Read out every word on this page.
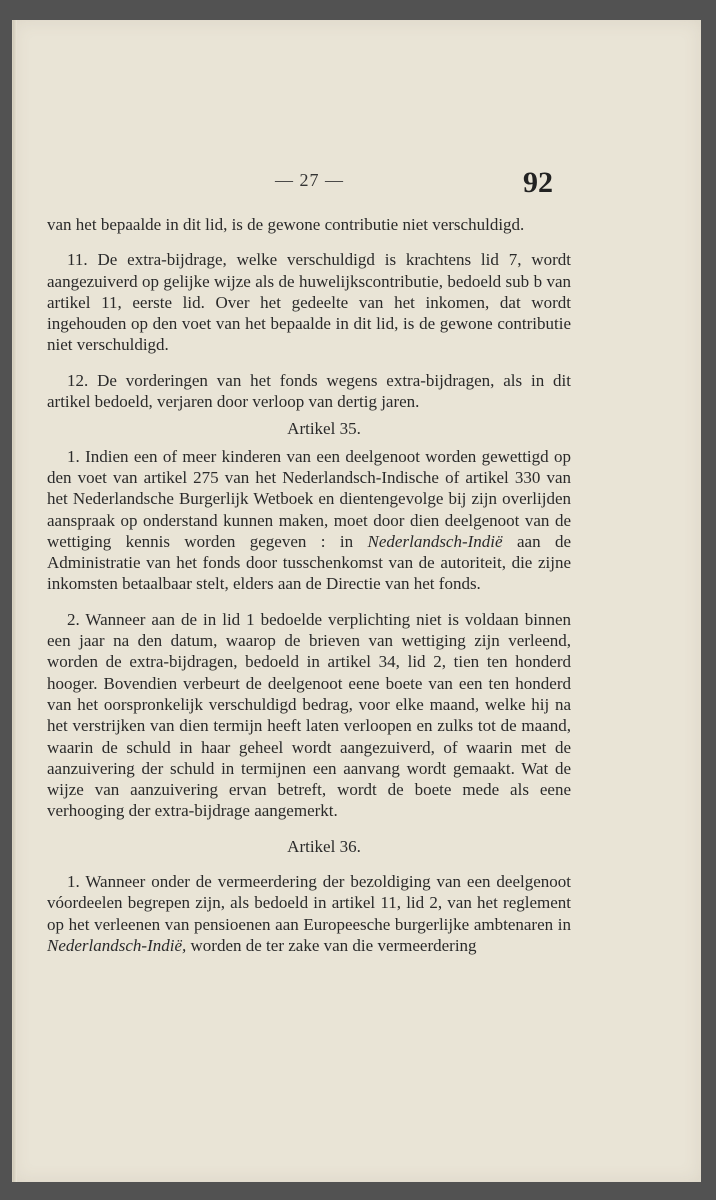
— 27 —	92

van het bepaalde in dit lid, is de gewone contributie niet verschuldigd.

11. De extra-bijdrage, welke verschuldigd is krachtens lid 7, wordt aangezuiverd op gelijke wijze als de huwelijkscontributie, bedoeld sub b van artikel 11, eerste lid. Over het gedeelte van het inkomen, dat wordt ingehouden op den voet van het bepaalde in dit lid, is de gewone contributie niet verschuldigd.

12. De vorderingen van het fonds wegens extra-bijdragen, als in dit artikel bedoeld, verjaren door verloop van dertig jaren.

Artikel 35.

1. Indien een of meer kinderen van een deelgenoot worden gewettigd op den voet van artikel 275 van het Nederlandsch-Indische of artikel 330 van het Nederlandsche Burgerlijk Wetboek en dientengevolge bij zijn overlijden aanspraak op onderstand kunnen maken, moet door dien deelgenoot van de wettiging kennis worden gegeven : in Nederlandsch-Indië aan de Administratie van het fonds door tusschenkomst van de autoriteit, die zijne inkomsten betaalbaar stelt, elders aan de Directie van het fonds.

2. Wanneer aan de in lid 1 bedoelde verplichting niet is voldaan binnen een jaar na den datum, waarop de brieven van wettiging zijn verleend, worden de extra-bijdragen, bedoeld in artikel 34, lid 2, tien ten honderd hooger. Bovendien verbeurt de deelgenoot eene boete van een ten honderd van het oorspronkelijk verschuldigd bedrag, voor elke maand, welke hij na het verstrijken van dien termijn heeft laten verloopen en zulks tot de maand, waarin de schuld in haar geheel wordt aangezuiverd, of waarin met de aanzuivering der schuld in termijnen een aanvang wordt gemaakt. Wat de wijze van aanzuivering ervan betreft, wordt de boete mede als eene verhooging der extra-bijdrage aangemerkt.

Artikel 36.

1. Wanneer onder de vermeerdering der bezoldiging van een deelgenoot vóordeelen begrepen zijn, als bedoeld in artikel 11, lid 2, van het reglement op het verleenen van pensioenen aan Europeesche burgerlijke ambtenaren in Nederlandsch-Indië, worden de ter zake van die vermeerdering
